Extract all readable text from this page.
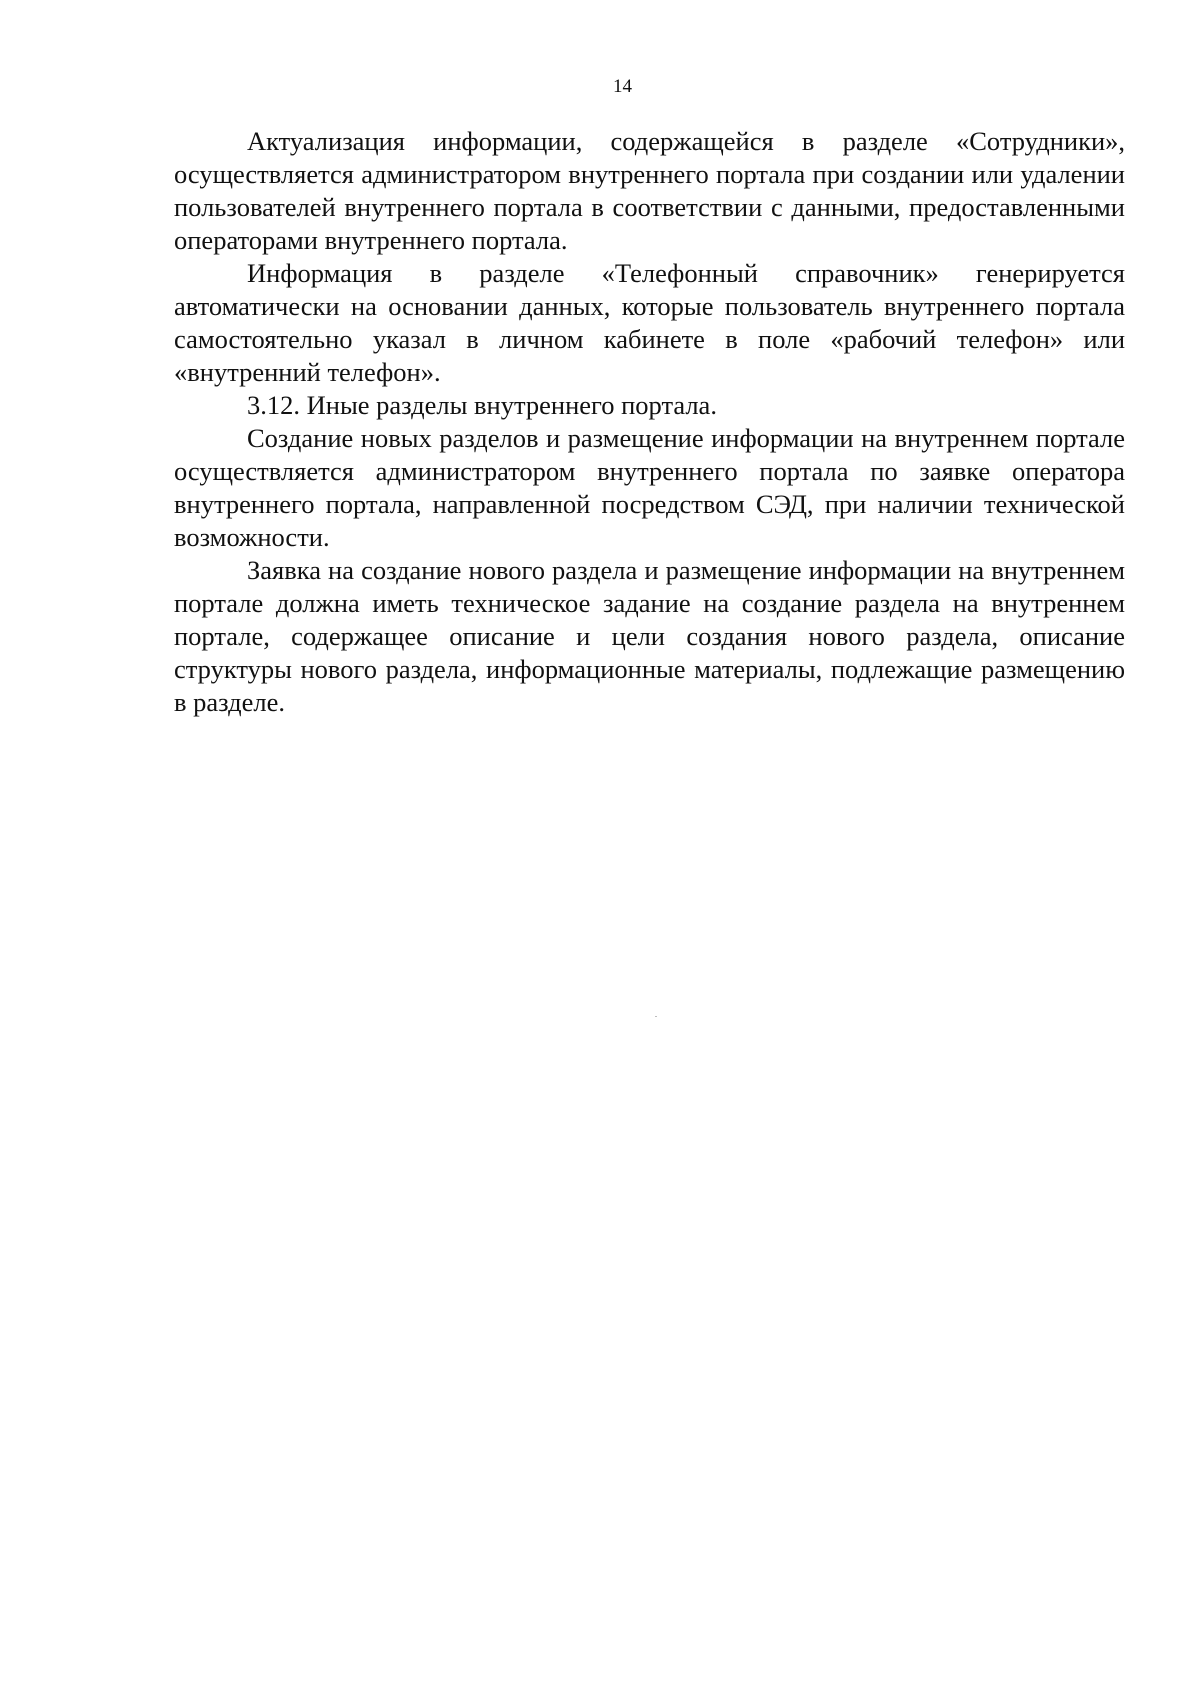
14

Актуализация информации, содержащейся в разделе «Сотрудники», осуществляется администратором внутреннего портала при создании или удалении пользователей внутреннего портала в соответствии с данными, предоставленными операторами внутреннего портала.

Информация в разделе «Телефонный справочник» генерируется автоматически на основании данных, которые пользователь внутреннего портала самостоятельно указал в личном кабинете в поле «рабочий телефон» или «внутренний телефон».

3.12. Иные разделы внутреннего портала.

Создание новых разделов и размещение информации на внутреннем портале осуществляется администратором внутреннего портала по заявке оператора внутреннего портала, направленной посредством СЭД, при наличии технической возможности.

Заявка на создание нового раздела и размещение информации на внутреннем портале должна иметь техническое задание на создание раздела на внутреннем портале, содержащее описание и цели создания нового раздела, описание структуры нового раздела, информационные материалы, подлежащие размещению в разделе.
